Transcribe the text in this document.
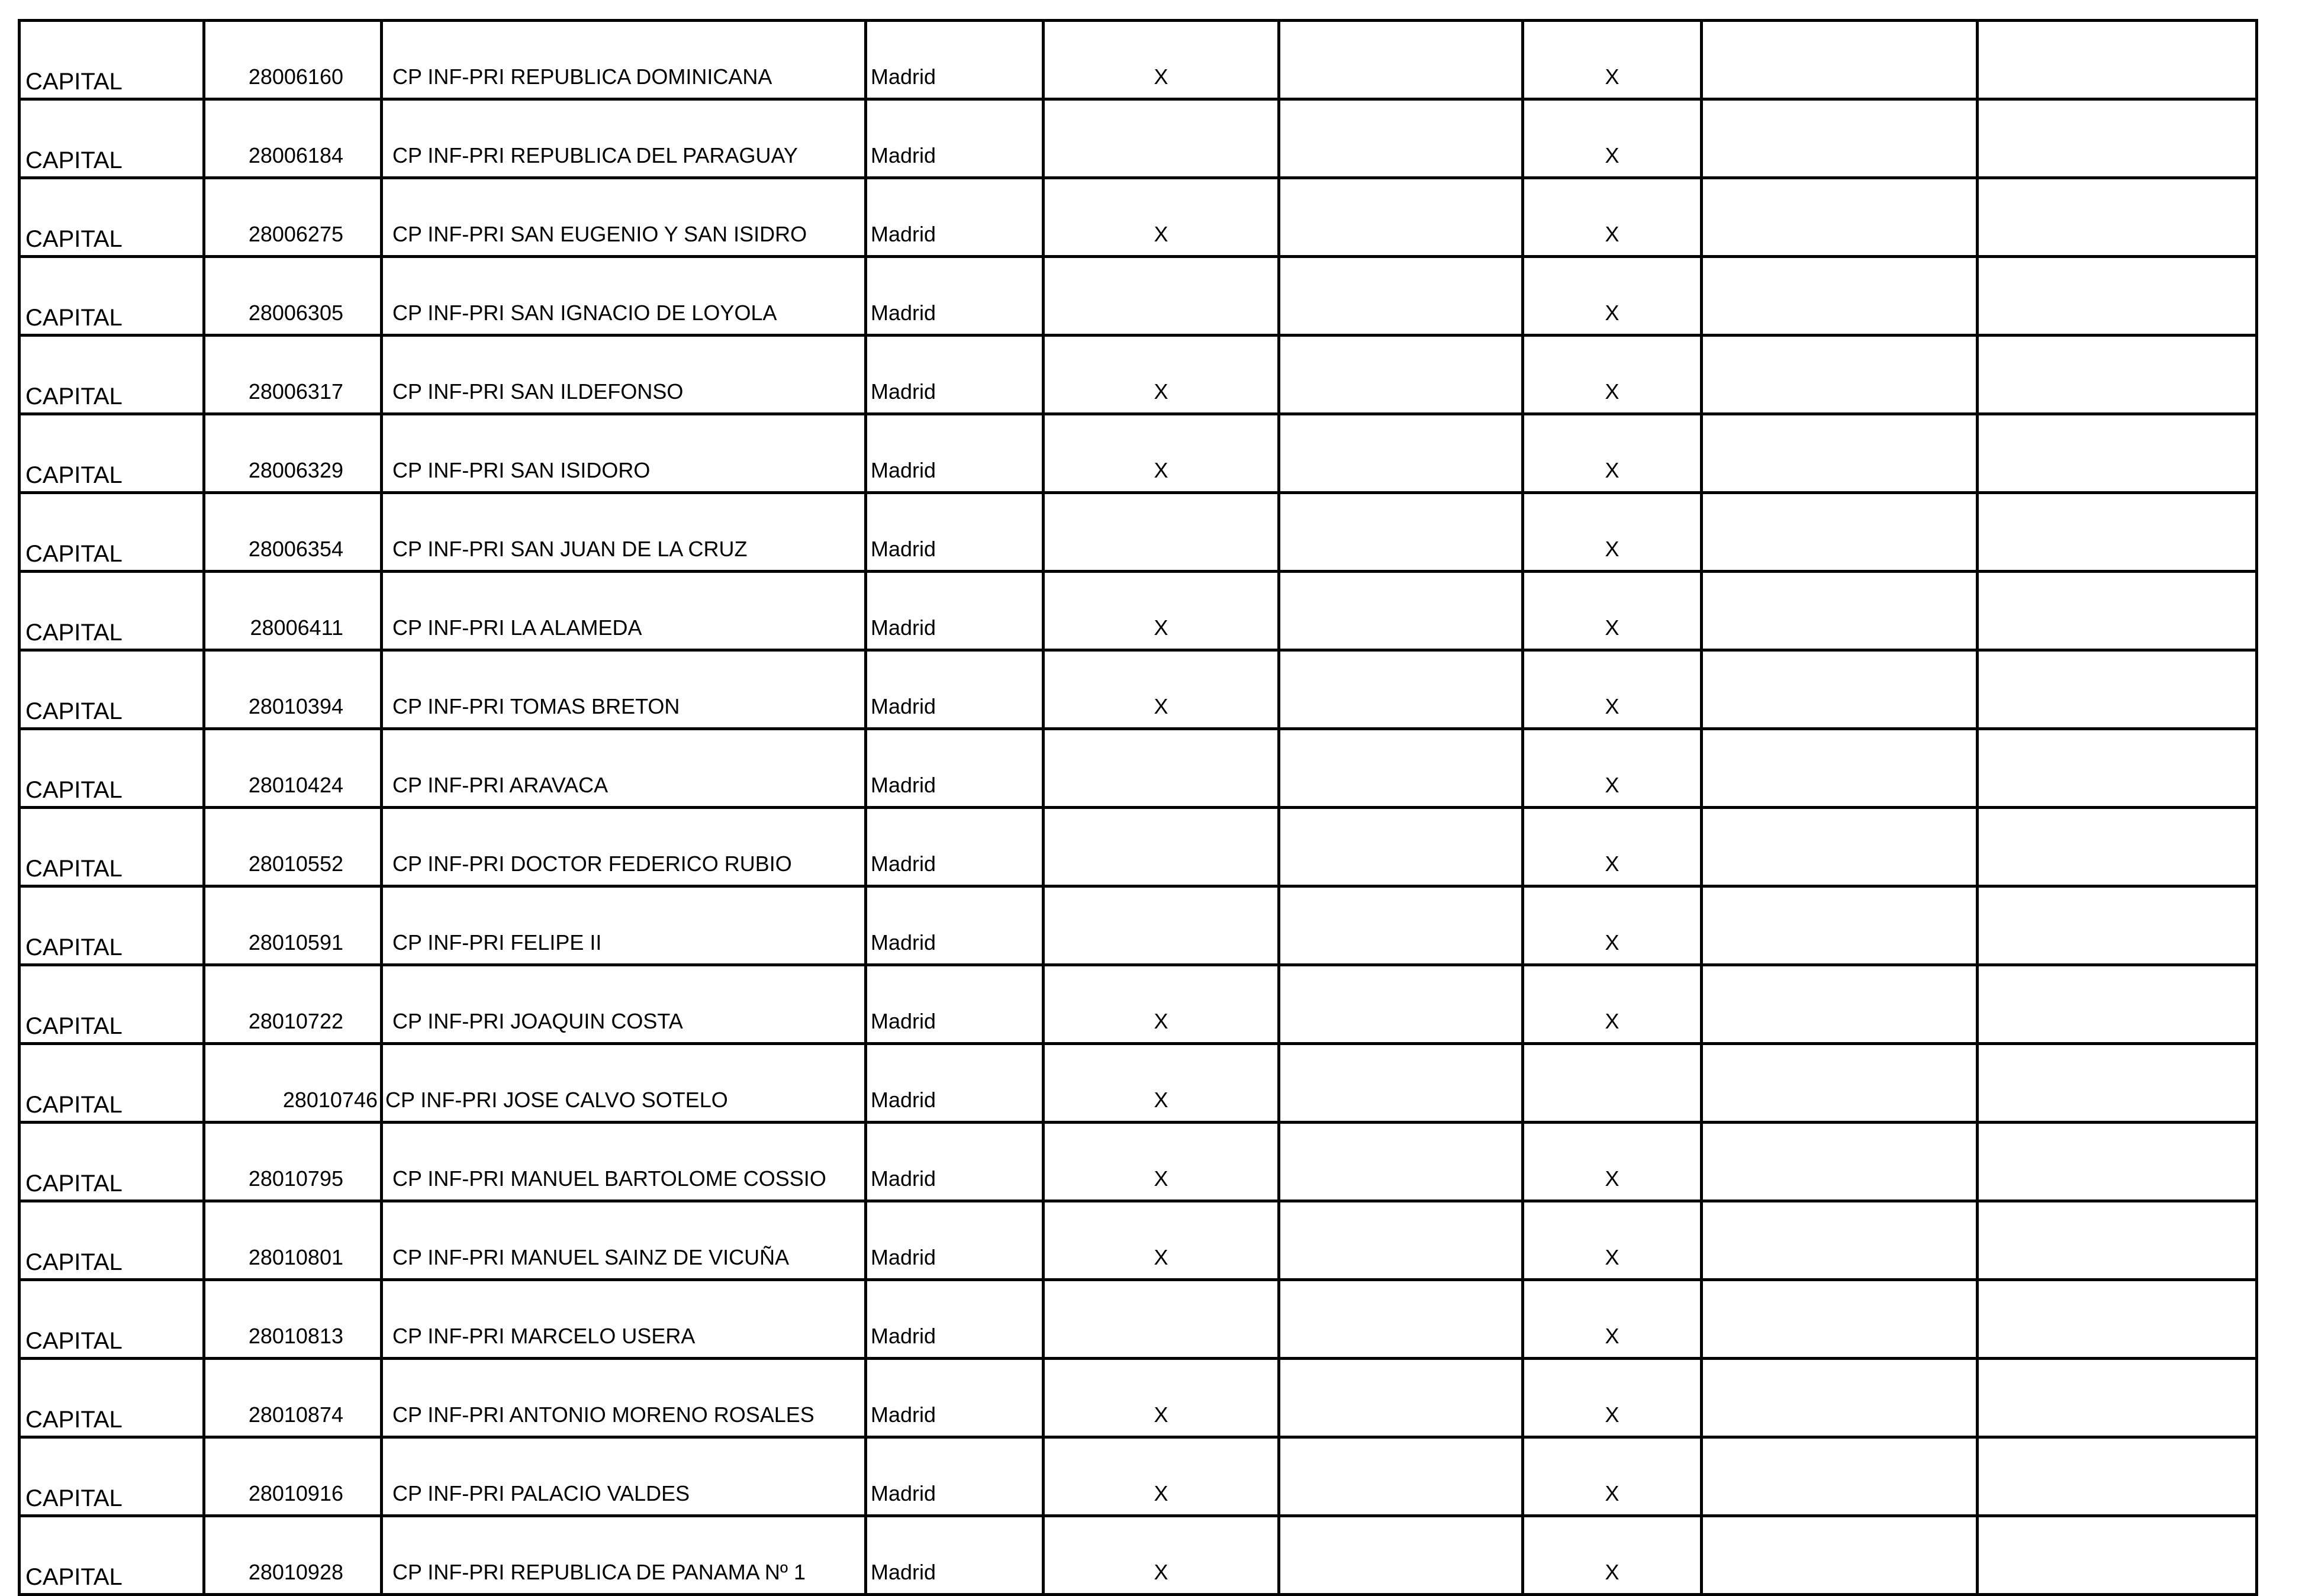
CAPITAL	28006160	CP INF-PRI REPUBLICA DOMINICANA	Madrid	X		X		
CAPITAL	28006184	CP INF-PRI REPUBLICA DEL PARAGUAY	Madrid			X		
CAPITAL	28006275	CP INF-PRI SAN EUGENIO Y SAN ISIDRO	Madrid	X		X		
CAPITAL	28006305	CP INF-PRI SAN IGNACIO DE LOYOLA	Madrid			X		
CAPITAL	28006317	CP INF-PRI SAN ILDEFONSO	Madrid	X		X		
CAPITAL	28006329	CP INF-PRI SAN ISIDORO	Madrid	X		X		
CAPITAL	28006354	CP INF-PRI SAN JUAN DE LA CRUZ	Madrid			X		
CAPITAL	28006411	CP INF-PRI LA ALAMEDA	Madrid	X		X		
CAPITAL	28010394	CP INF-PRI TOMAS BRETON	Madrid	X		X		
CAPITAL	28010424	CP INF-PRI ARAVACA	Madrid			X		
CAPITAL	28010552	CP INF-PRI DOCTOR FEDERICO RUBIO	Madrid			X		
CAPITAL	28010591	CP INF-PRI FELIPE II	Madrid			X		
CAPITAL	28010722	CP INF-PRI JOAQUIN COSTA	Madrid	X		X		
CAPITAL	28010746	CP INF-PRI JOSE CALVO SOTELO	Madrid	X				
CAPITAL	28010795	CP INF-PRI MANUEL BARTOLOME COSSIO	Madrid	X		X		
CAPITAL	28010801	CP INF-PRI MANUEL SAINZ DE VICUÑA	Madrid	X		X		
CAPITAL	28010813	CP INF-PRI MARCELO USERA	Madrid			X		
CAPITAL	28010874	CP INF-PRI ANTONIO MORENO ROSALES	Madrid	X		X		
CAPITAL	28010916	CP INF-PRI PALACIO VALDES	Madrid	X		X		
CAPITAL	28010928	CP INF-PRI REPUBLICA DE PANAMA Nº 1	Madrid	X		X		
